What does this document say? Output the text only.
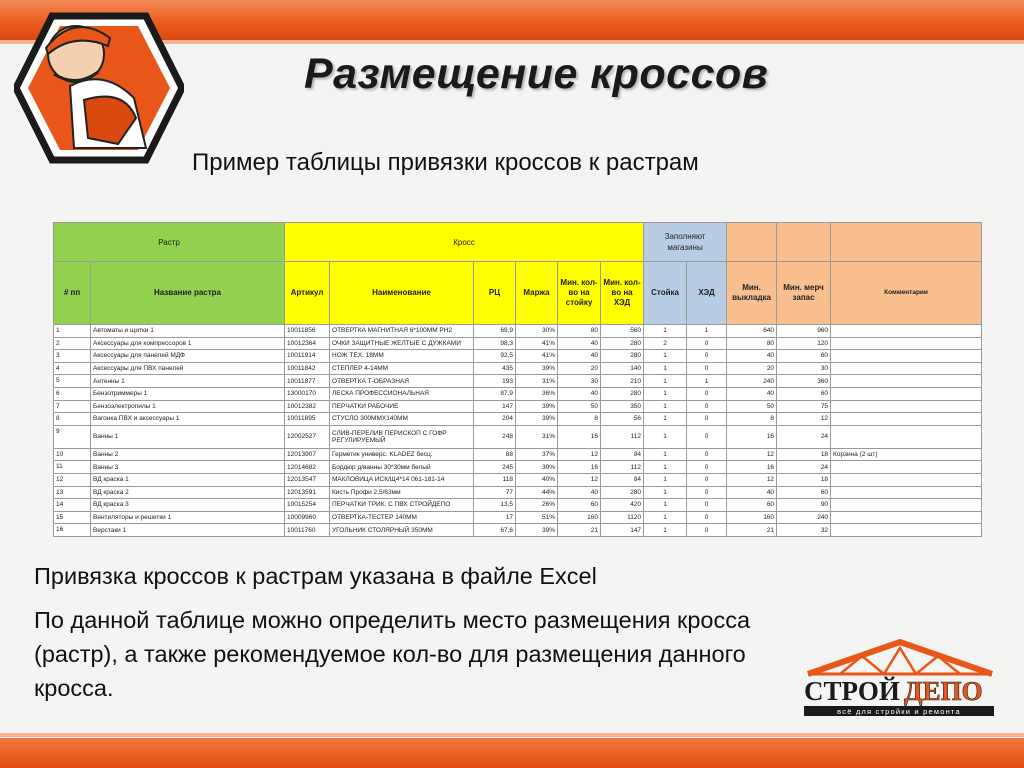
Размещение кроссов
Пример таблицы привязки кроссов к растрам
Растр		Кросс						Заполняют магазины				
# пп	Название растра	Артикул	Наименование	РЦ	Маржа	Мин. кол-во на стойку	Мин. кол-во на ХЭД	Стойка	ХЭД	Мин. выкладка	Мин. мерч запас	Комментарии
1	Автоматы и щитки 1	10011856	ОТВЕРТКА МАГНИТНАЯ 6*100ММ PH2	69,9	30%	80	560	1	1	640	960	
2	Аксессуары для компрессоров 1	10012364	ОЧКИ ЗАЩИТНЫЕ ЖЕЛТЫЕ С ДУЖКАМИ	98,3	41%	40	280	2	0	80	120	
3	Аксессуары для панелей МДФ	10011914	НОЖ ТЕХ. 18ММ	92,5	41%	40	280	1	0	40	60	
4	Аксессуары для ПВХ панелей	10011842	СТЕПЛЕР 4-14ММ	435	39%	20	140	1	0	20	30	
5	Антенны 1	10011877	ОТВЕРТКА Т-ОБРАЗНАЯ	193	31%	30	210	1	1	240	360	
6	Бензотриммеры 1	13000170	ЛЕСКА ПРОФЕССИОНАЛЬНАЯ	87,9	36%	40	280	1	0	40	60	
7	Бензоэлектропилы 1	10012382	ПЕРЧАТКИ РАБОЧИЕ	147	39%	50	350	1	0	50	75	
8	Вагонка ПВХ и аксессуары 1	10011895	СТУСЛО 300ММХ140ММ	204	39%	8	56	1	0	8	12	
9	Ванны 1	12002527	СЛИВ-ПЕРЕЛИВ ПЕРИСКОП С ГОФР РЕГУЛИРУЕМЫЙ	248	31%	16	112	1	0	16	24	
10	Ванны 2	12013907	Герметик универс. KLADEZ бесц.	88	37%	12	84	1	0	12	18	Корзина (2 шт)
11	Ванны 3	12014682	Бордюр д/ванны 30*30мм белый	245	30%	16	112	1	0	16	24	
12	ВД краска 1	12013547	МАКЛОВИЦА ИСК/Щ4*14 061-181-14	118	40%	12	84	1	0	12	18	
13	ВД краска 2	12013591	Кисть Профи 2,5/63мм	77	44%	40	280	1	0	40	60	
14	ВД краска 3	10015254	ПЕРЧАТКИ ТРИК. С ПВХ СТРОЙДЕПО	13,5	26%	60	420	1	0	60	90	
15	Вентиляторы и решетки 1	10009960	ОТВЕРТКА-ТЕСТЕР 140ММ	17	51%	160	1120	1	0	160	240	
16	Верстаки 1	10011760	УГОЛЬНИК СТОЛЯРНЫЙ 350ММ	67,6	39%	21	147	1	0	21	32	
Привязка кроссов к растрам указана в файле Excel
По данной таблице можно определить место размещения кросса (растр), а также рекомендуемое кол-во для размещения данного кросса.	СТРОЙ ДЕПО
всё для стройки и ремонта
